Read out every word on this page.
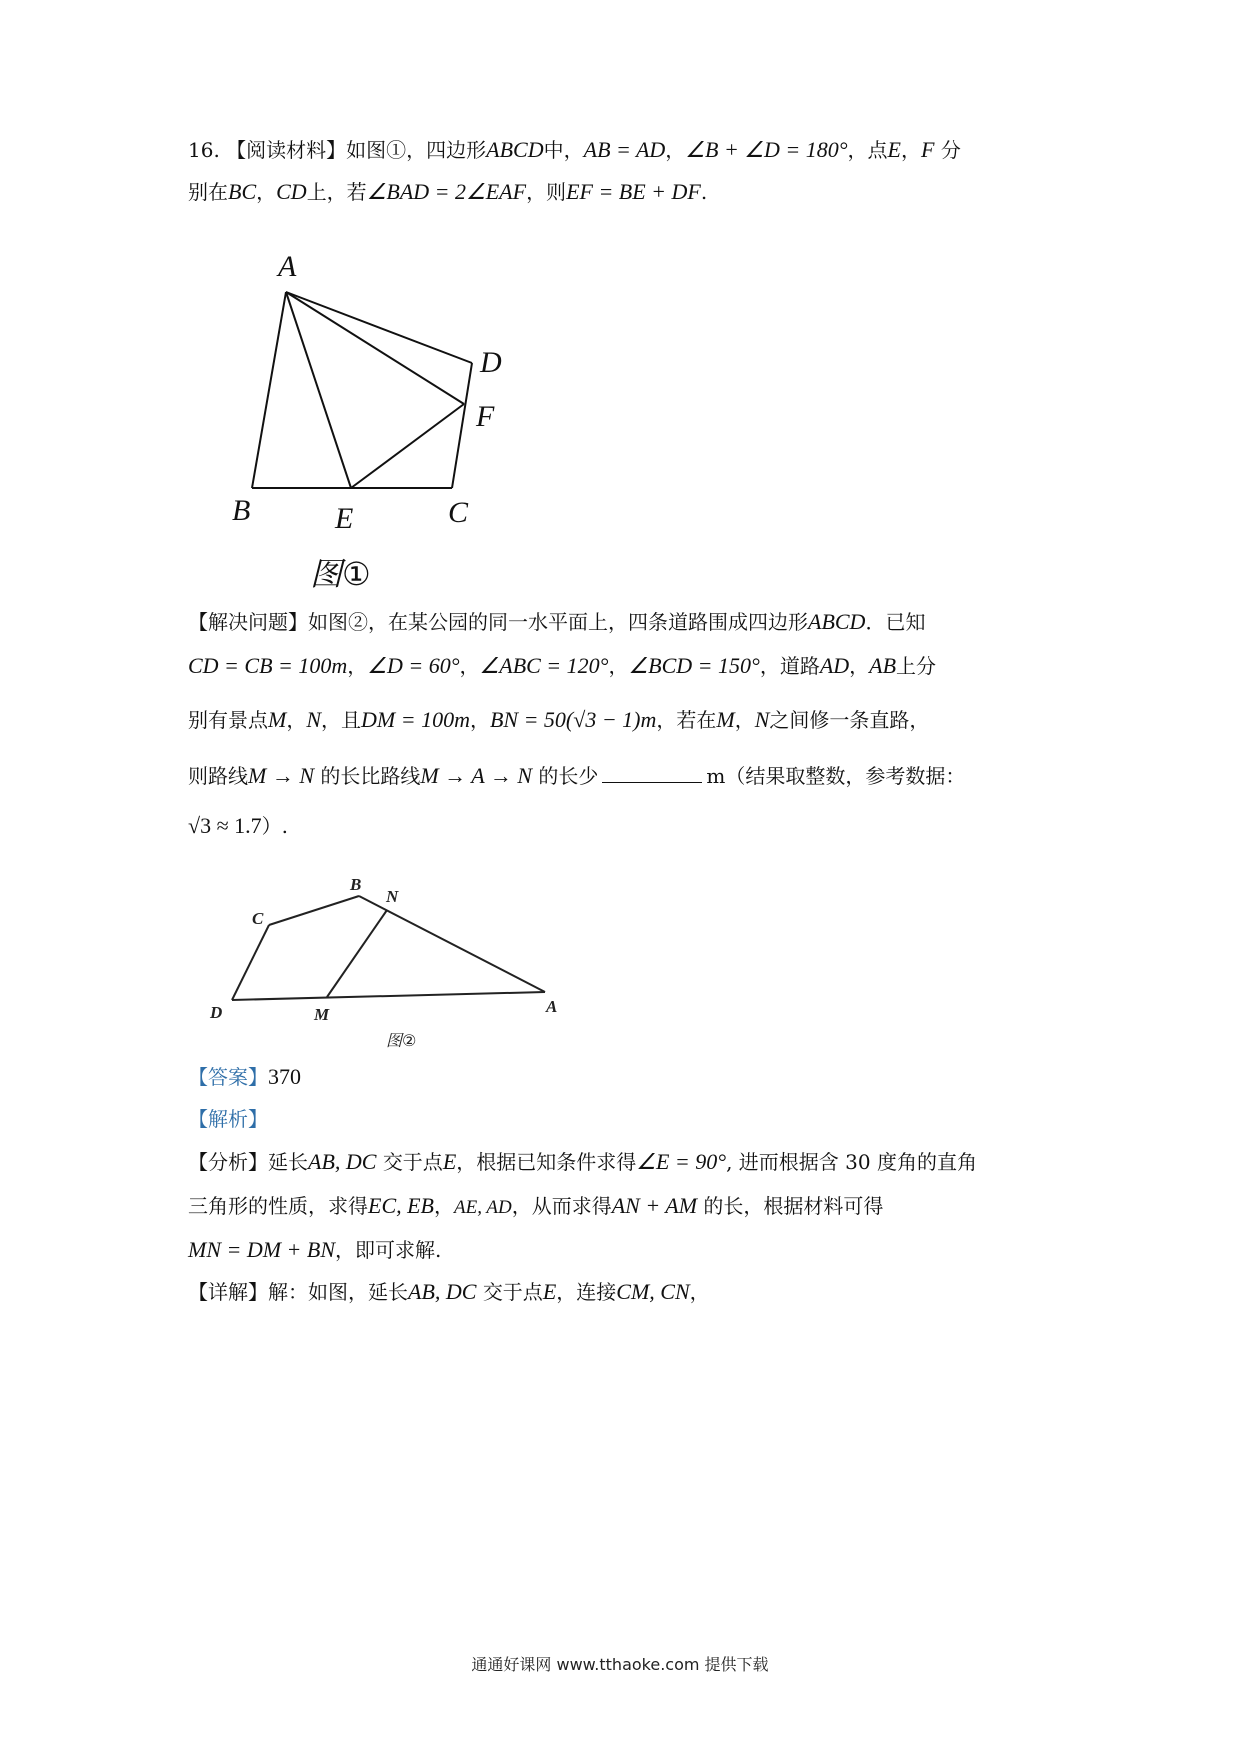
16. 【阅读材料】如图①，四边形ABCD中，AB = AD，∠B + ∠D = 180°，点E，F 分
别在BC，CD上，若∠BAD = 2∠EAF，则EF = BE + DF.
A
B	E	C
D
F
图①
【解决问题】如图②，在某公园的同一水平面上，四条道路围成四边形ABCD．已知
CD = CB = 100m，∠D = 60°，∠ABC = 120°，∠BCD = 150°，道路AD，AB上分
别有景点M，N，且DM = 100m，BN = 50(√3 − 1)m，若在M，N之间修一条直路，
则路线M → N 的长比路线M → A → N 的长少	m（结果取整数，参考数据：
√3 ≈ 1.7）.
B
N
C
D	M	A
图②
【答案】370
【解析】
【分析】延长AB, DC 交于点E，根据已知条件求得∠E = 90°, 进而根据含 30 度角的直角
三角形的性质，求得EC, EB，AE, AD，从而求得AN + AM 的长，根据材料可得
MN = DM + BN，即可求解.
【详解】解：如图，延长AB, DC 交于点E，连接CM, CN，
通通好课网 www.tthaoke.com 提供下载
